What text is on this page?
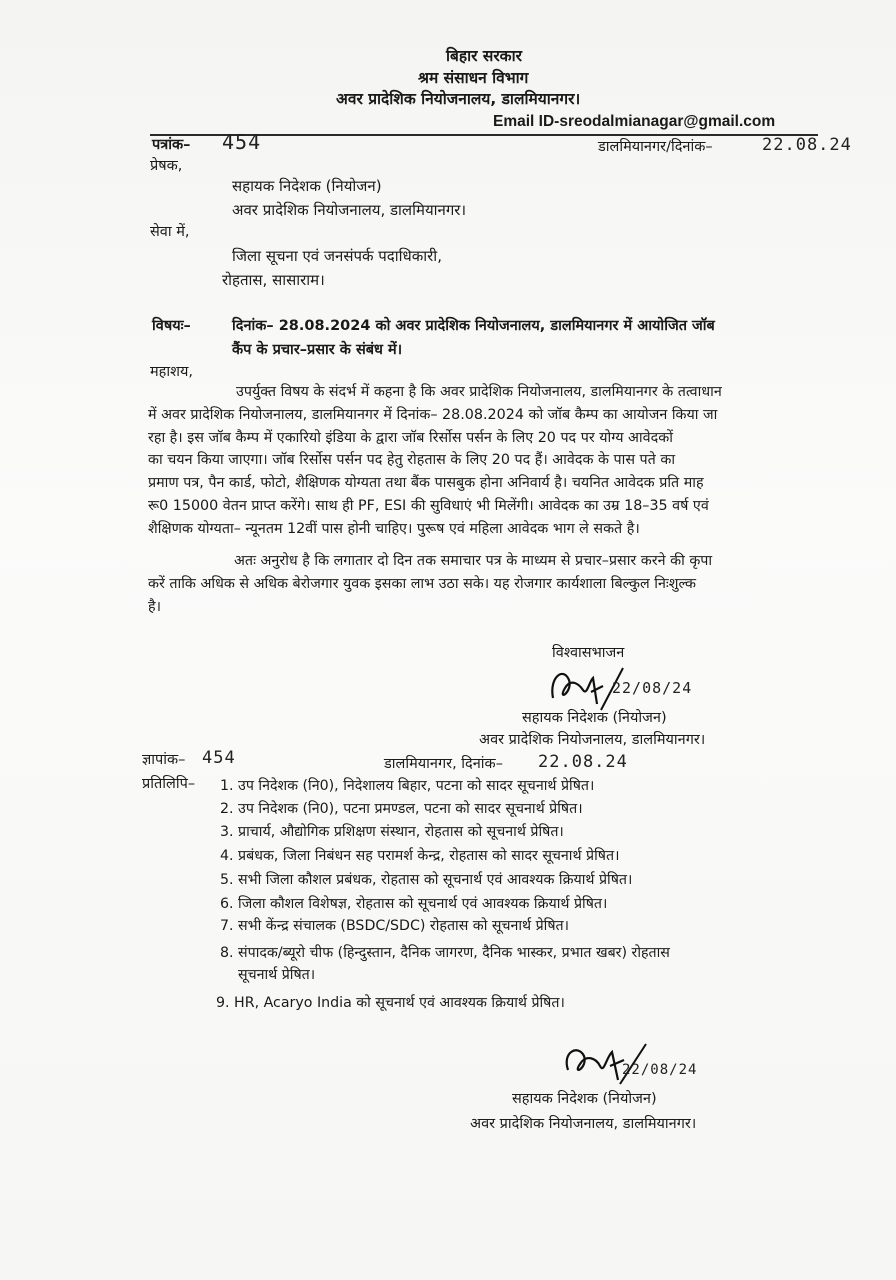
बिहार सरकार
श्रम संसाधन विभाग
अवर प्रादेशिक नियोजनालय, डालमियानगर।
Email ID-sreodalmianagar@gmail.com
पत्रांक– 454	डालमियानगर/दिनांक–	22.08.24
प्रेषक,
सहायक निदेशक (नियोजन)
अवर प्रादेशिक नियोजनालय, डालमियानगर।
सेवा में,
जिला सूचना एवं जनसंपर्क पदाधिकारी,
रोहतास, सासाराम।
विषयः–	दिनांक– 28.08.2024 को अवर प्रादेशिक नियोजनालय, डालमियानगर में आयोजित जॉब
कैंप के प्रचार–प्रसार के संबंध में।
महाशय,
उपर्युक्त विषय के संदर्भ में कहना है कि अवर प्रादेशिक नियोजनालय, डालमियानगर के तत्वाधान
में अवर प्रादेशिक नियोजनालय, डालमियानगर में दिनांक– 28.08.2024 को जॉब कैम्प का आयोजन किया जा
रहा है। इस जॉब कैम्प में एकारियो इंडिया के द्वारा जॉब रिर्सोस पर्सन के लिए 20 पद पर योग्य आवेदकों
का चयन किया जाएगा। जॉब रिर्सोस पर्सन पद हेतु रोहतास के लिए 20 पद हैं। आवेदक के पास पते का
प्रमाण पत्र, पैन कार्ड, फोटो, शैक्षिणक योग्यता तथा बैंक पासबुक होना अनिवार्य है। चयनित आवेदक प्रति माह
रू0 15000 वेतन प्राप्त करेंगे। साथ ही PF, ESI की सुविधाएं भी मिलेंगी। आवेदक का उम्र 18–35 वर्ष एवं
शैक्षिणक योग्यता– न्यूनतम 12वीं पास होनी चाहिए। पुरूष एवं महिला आवेदक भाग ले सकते है।
अतः अनुरोध है कि लगातार दो दिन तक समाचार पत्र के माध्यम से प्रचार–प्रसार करने की कृपा
करें ताकि अधिक से अधिक बेरोजगार युवक इसका लाभ उठा सके। यह रोजगार कार्यशाला बिल्कुल निःशुल्क
है।
विश्वासभाजन
22/08/24
सहायक निदेशक (नियोजन)
अवर प्रादेशिक नियोजनालय, डालमियानगर।
ज्ञापांक– 454	डालमियानगर, दिनांक– 22.08.24
प्रतिलिपि– 1. उप निदेशक (नि0), निदेशालय बिहार, पटना को सादर सूचनार्थ प्रेषित।
2. उप निदेशक (नि0), पटना प्रमण्डल, पटना को सादर सूचनार्थ प्रेषित।
3. प्राचार्य, औद्योगिक प्रशिक्षण संस्थान, रोहतास को सूचनार्थ प्रेषित।
4. प्रबंधक, जिला निबंधन सह परामर्श केन्द्र, रोहतास को सादर सूचनार्थ प्रेषित।
5. सभी जिला कौशल प्रबंधक, रोहतास को सूचनार्थ एवं आवश्यक क्रियार्थ प्रेषित।
6. जिला कौशल विशेषज्ञ, रोहतास को सूचनार्थ एवं आवश्यक क्रियार्थ प्रेषित।
7. सभी केंन्द्र संचालक (BSDC/SDC) रोहतास को सूचनार्थ प्रेषित।
8. संपादक/ब्यूरो चीफ (हिन्दुस्तान, दैनिक जागरण, दैनिक भास्कर, प्रभात खबर) रोहतास
सूचनार्थ प्रेषित।
9. HR, Acaryo India को सूचनार्थ एवं आवश्यक क्रियार्थ प्रेषित।
22/08/24
सहायक निदेशक (नियोजन)
अवर प्रादेशिक नियोजनालय, डालमियानगर।
